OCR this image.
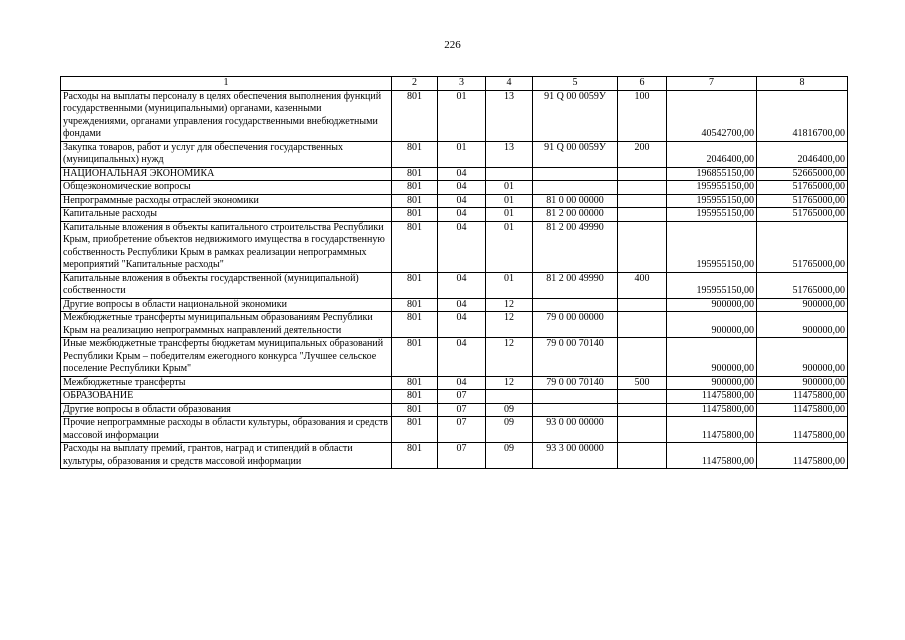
226
1	2	3	4	5	6	7	8
Расходы на выплаты персоналу в целях обеспечения выполнения функций государственными (муниципальными) органами, казенными учреждениями, органами управления государственными внебюджетными фондами	801	01	13	91 Q 00 0059У	100	40542700,00	41816700,00
Закупка товаров, работ и услуг для обеспечения государственных (муниципальных) нужд	801	01	13	91 Q 00 0059У	200	2046400,00	2046400,00
НАЦИОНАЛЬНАЯ ЭКОНОМИКА	801	04				196855150,00	52665000,00
Общеэкономические вопросы	801	04	01			195955150,00	51765000,00
Непрограммные расходы отраслей экономики	801	04	01	81 0 00 00000		195955150,00	51765000,00
Капитальные расходы	801	04	01	81 2 00 00000		195955150,00	51765000,00
Капитальные вложения в объекты капитального строительства Республики Крым, приобретение объектов недвижимого имущества в государственную собственность Республики Крым в рамках реализации непрограммных мероприятий "Капитальные расходы"	801	04	01	81 2 00 49990		195955150,00	51765000,00
Капитальные вложения в объекты государственной (муниципальной) собственности	801	04	01	81 2 00 49990	400	195955150,00	51765000,00
Другие вопросы в области национальной экономики	801	04	12			900000,00	900000,00
Межбюджетные трансферты муниципальным образованиям Республики Крым на реализацию непрограммных направлений деятельности	801	04	12	79 0 00 00000		900000,00	900000,00
Иные межбюджетные трансферты бюджетам муниципальных образований Республики Крым – победителям ежегодного конкурса "Лучшее сельское поселение Республики Крым"	801	04	12	79 0 00 70140		900000,00	900000,00
Межбюджетные трансферты	801	04	12	79 0 00 70140	500	900000,00	900000,00
ОБРАЗОВАНИЕ	801	07				11475800,00	11475800,00
Другие вопросы в области образования	801	07	09			11475800,00	11475800,00
Прочие непрограммные расходы в области культуры, образования и средств массовой информации	801	07	09	93 0 00 00000		11475800,00	11475800,00
Расходы на выплату премий, грантов, наград и стипендий в области культуры, образования и средств массовой информации	801	07	09	93 3 00 00000		11475800,00	11475800,00
